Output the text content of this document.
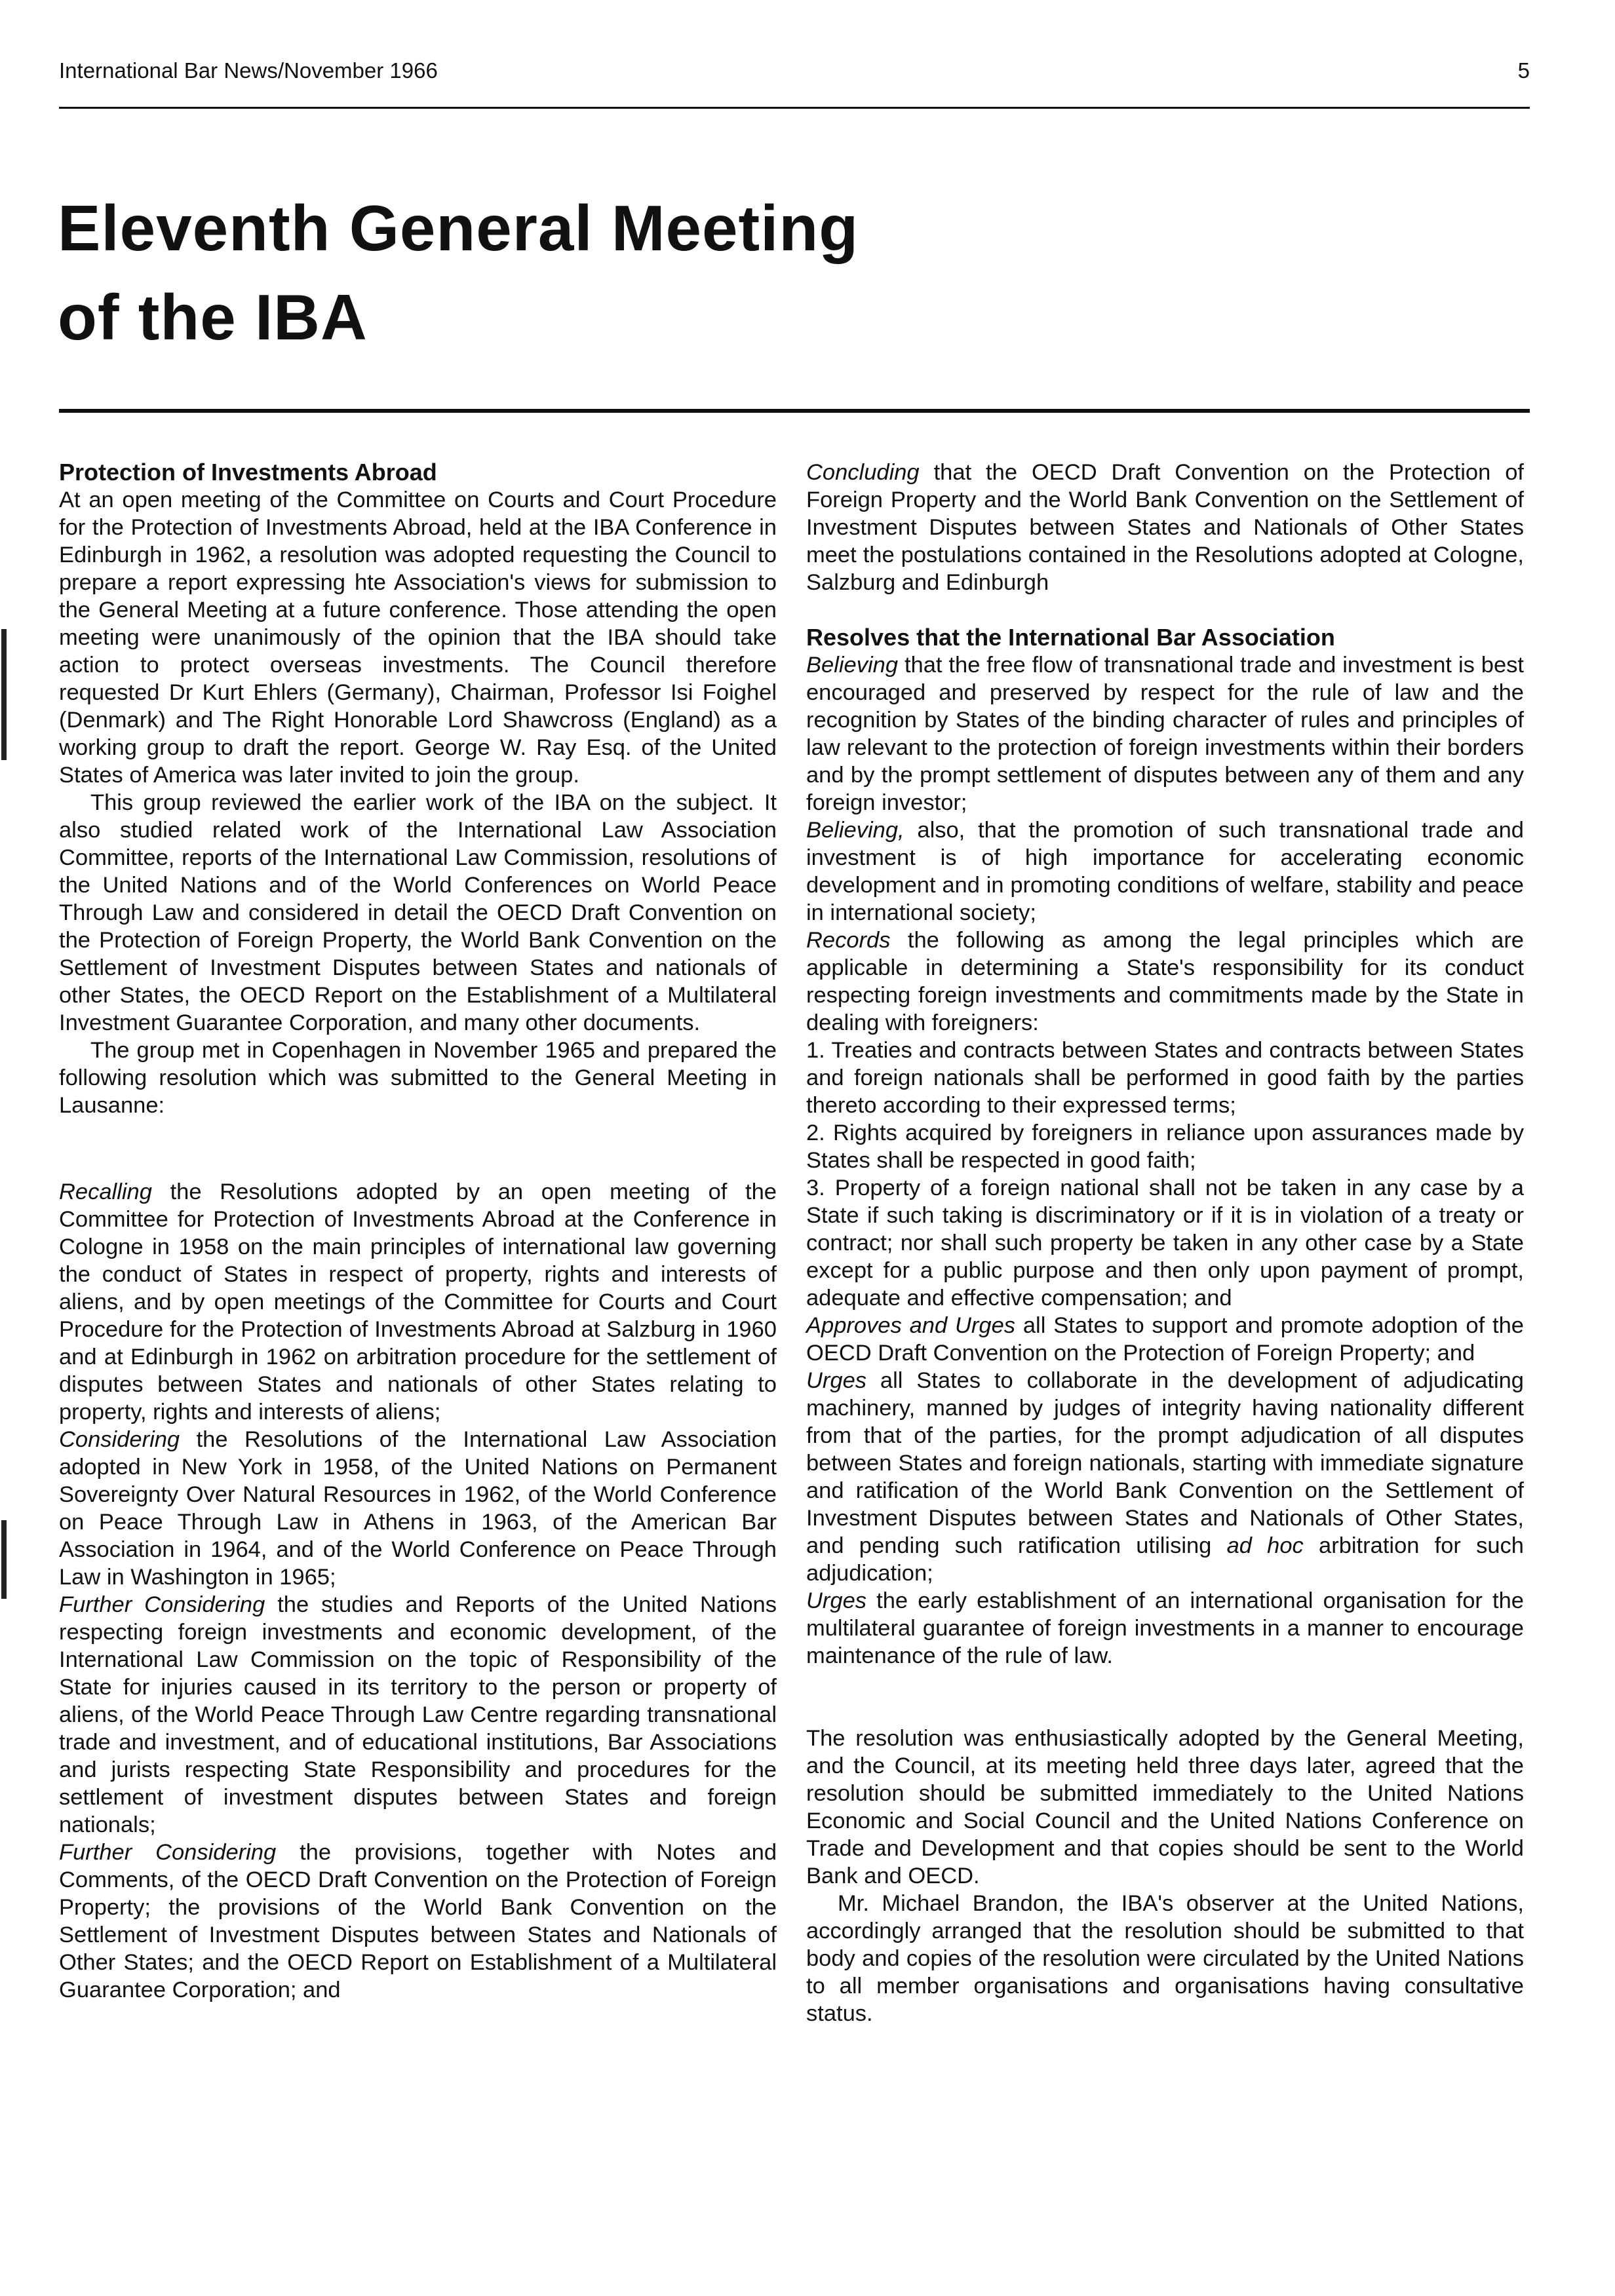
International Bar News/November 1966	5
Eleventh General Meeting
of the IBA
Protection of Investments Abroad

At an open meeting of the Committee on Courts and Court Procedure for the Protection of Investments Abroad, held at the IBA Conference in Edinburgh in 1962, a resolution was adopted requesting the Council to prepare a report expressing hte Association's views for submission to the General Meeting at a future conference. Those attending the open meeting were unanimously of the opinion that the IBA should take action to protect overseas investments. The Council therefore requested Dr Kurt Ehlers (Germany), Chairman, Professor Isi Foighel (Denmark) and The Right Honorable Lord Shawcross (England) as a working group to draft the report. George W. Ray Esq. of the United States of America was later invited to join the group.

This group reviewed the earlier work of the IBA on the subject. It also studied related work of the International Law Association Committee, reports of the International Law Commission, resolutions of the United Nations and of the World Conferences on World Peace Through Law and considered in detail the OECD Draft Convention on the Protection of Foreign Property, the World Bank Convention on the Settlement of Investment Disputes between States and nationals of other States, the OECD Report on the Establishment of a Multilateral Investment Guarantee Corporation, and many other documents.

The group met in Copenhagen in November 1965 and prepared the following resolution which was submitted to the General Meeting in Lausanne:

Recalling the Resolutions adopted by an open meeting of the Committee for Protection of Investments Abroad at the Conference in Cologne in 1958 on the main principles of international law governing the conduct of States in respect of property, rights and interests of aliens, and by open meetings of the Committee for Courts and Court Procedure for the Protection of Investments Abroad at Salzburg in 1960 and at Edinburgh in 1962 on arbitration procedure for the settlement of disputes between States and nationals of other States relating to property, rights and interests of aliens;

Considering the Resolutions of the International Law Association adopted in New York in 1958, of the United Nations on Permanent Sovereignty Over Natural Resources in 1962, of the World Conference on Peace Through Law in Athens in 1963, of the American Bar Association in 1964, and of the World Conference on Peace Through Law in Washington in 1965;

Further Considering the studies and Reports of the United Nations respecting foreign investments and economic development, of the International Law Commission on the topic of Responsibility of the State for injuries caused in its territory to the person or property of aliens, of the World Peace Through Law Centre regarding transnational trade and investment, and of educational institutions, Bar Associations and jurists respecting State Responsibility and procedures for the settlement of investment disputes between States and foreign nationals;

Further Considering the provisions, together with Notes and Comments, of the OECD Draft Convention on the Protection of Foreign Property; the provisions of the World Bank Convention on the Settlement of Investment Disputes between States and Nationals of Other States; and the OECD Report on Establishment of a Multilateral Guarantee Corporation; and

Concluding that the OECD Draft Convention on the Protection of Foreign Property and the World Bank Convention on the Settlement of Investment Disputes between States and Nationals of Other States meet the postulations contained in the Resolutions adopted at Cologne, Salzburg and Edinburgh

Resolves that the International Bar Association

Believing that the free flow of transnational trade and investment is best encouraged and preserved by respect for the rule of law and the recognition by States of the binding character of rules and principles of law relevant to the protection of foreign investments within their borders and by the prompt settlement of disputes between any of them and any foreign investor;

Believing, also, that the promotion of such transnational trade and investment is of high importance for accelerating economic development and in promoting conditions of welfare, stability and peace in international society;

Records the following as among the legal principles which are applicable in determining a State's responsibility for its conduct respecting foreign investments and commitments made by the State in dealing with foreigners:

1. Treaties and contracts between States and contracts between States and foreign nationals shall be performed in good faith by the parties thereto according to their expressed terms;

2. Rights acquired by foreigners in reliance upon assurances made by States shall be respected in good faith;

3. Property of a foreign national shall not be taken in any case by a State if such taking is discriminatory or if it is in violation of a treaty or contract; nor shall such property be taken in any other case by a State except for a public purpose and then only upon payment of prompt, adequate and effective compensation; and

Approves and Urges all States to support and promote adoption of the OECD Draft Convention on the Protection of Foreign Property; and

Urges all States to collaborate in the development of adjudicating machinery, manned by judges of integrity having nationality different from that of the parties, for the prompt adjudication of all disputes between States and foreign nationals, starting with immediate signature and ratification of the World Bank Convention on the Settlement of Investment Disputes between States and Nationals of Other States, and pending such ratification utilising ad hoc arbitration for such adjudication;

Urges the early establishment of an international organisation for the multilateral guarantee of foreign investments in a manner to encourage maintenance of the rule of law.

The resolution was enthusiastically adopted by the General Meeting, and the Council, at its meeting held three days later, agreed that the resolution should be submitted immediately to the United Nations Economic and Social Council and the United Nations Conference on Trade and Development and that copies should be sent to the World Bank and OECD.

Mr. Michael Brandon, the IBA's observer at the United Nations, accordingly arranged that the resolution should be submitted to that body and copies of the resolution were circulated by the United Nations to all member organisations and organisations having consultative status.
